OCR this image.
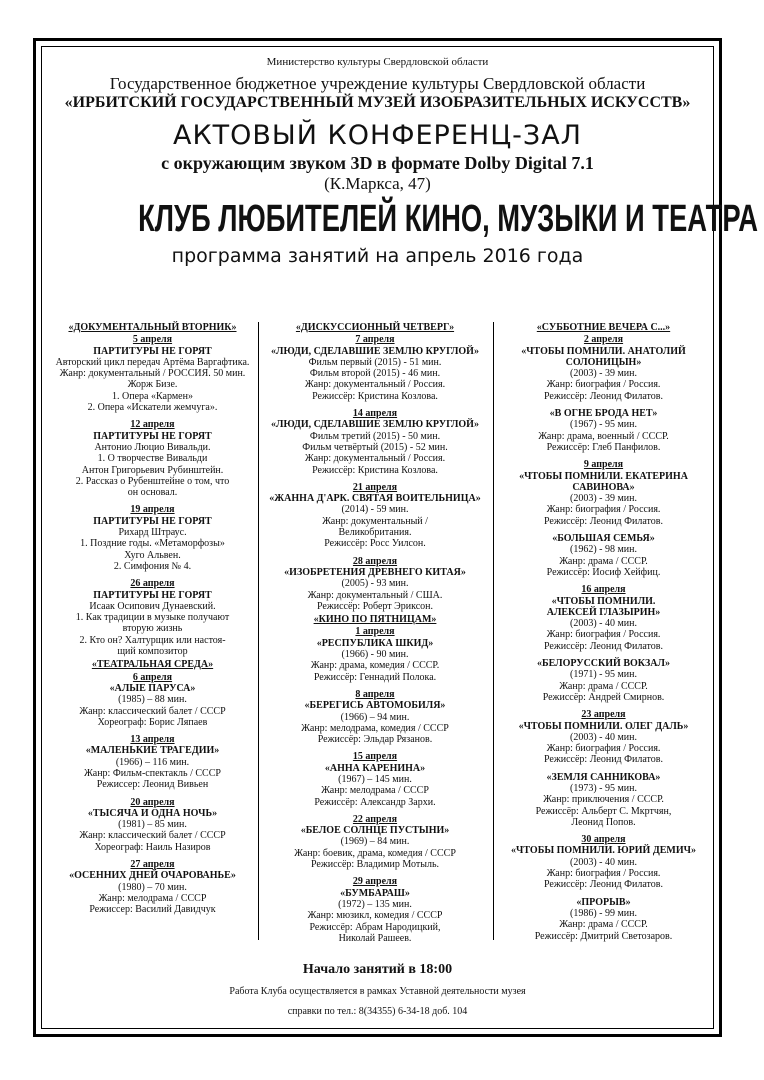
Министерство культуры Свердловской области
Государственное бюджетное учреждение культуры Свердловской области
«ИРБИТСКИЙ ГОСУДАРСТВЕННЫЙ МУЗЕЙ ИЗОБРАЗИТЕЛЬНЫХ ИСКУССТВ»
АКТОВЫЙ КОНФЕРЕНЦ-ЗАЛ
с окружающим звуком 3D в формате Dolby Digital 7.1
(К.Маркса, 47)
КЛУБ ЛЮБИТЕЛЕЙ КИНО, МУЗЫКИ И ТЕАТРА
программа занятий на апрель 2016 года
«ДОКУМЕНТАЛЬНЫЙ ВТОРНИК»
5 апреля
ПАРТИТУРЫ НЕ ГОРЯТ
Авторский цикл передач Артёма Варгафтика.
Жанр: документальный / РОССИЯ. 50 мин.
Жорж Бизе.
1. Опера «Кармен»
2. Опера «Искатели жемчуга».
12 апреля
ПАРТИТУРЫ НЕ ГОРЯТ
Антонио Люцио Вивальди.
1. О творчестве Вивальди
Антон Григорьевич Рубинштейн.
2. Рассказ о Рубенштейне о том, что
он основал.
19 апреля
ПАРТИТУРЫ НЕ ГОРЯТ
Рихард Штраус.
1. Поздние годы. «Метаморфозы»
Хуго Альвен.
2. Симфония № 4.
26 апреля
ПАРТИТУРЫ НЕ ГОРЯТ
Исаак Осипович Дунаевский.
1. Как традиции в музыке получают
вторую жизнь
2. Кто он? Халтурщик или настоя-
щий композитор
«ТЕАТРАЛЬНАЯ СРЕДА»
6 апреля
«АЛЫЕ ПАРУСА»
(1985) – 88 мин.
Жанр: классический балет / СССР
Хореограф: Борис Ляпаев
13 апреля
«МАЛЕНЬКИЕ ТРАГЕДИИ»
(1966) – 116 мин.
Жанр: Фильм-спектакль / СССР
Режиссер: Леонид Вивьен
20 апреля
«ТЫСЯЧА И ОДНА НОЧЬ»
(1981) – 85 мин.
Жанр: классический балет / СССР
Хореограф: Наиль Назиров
27 апреля
«ОСЕННИХ ДНЕЙ ОЧАРОВАНЬЕ»
(1980) – 70 мин.
Жанр: мелодрама / СССР
Режиссер: Василий Давидчук
«ДИСКУССИОННЫЙ ЧЕТВЕРГ»
7 апреля
«ЛЮДИ, СДЕЛАВШИЕ ЗЕМЛЮ КРУГЛОЙ»
Фильм первый (2015) - 51 мин.
Фильм второй (2015) - 46 мин.
Жанр: документальный / Россия.
Режиссёр: Кристина Козлова.
14 апреля
«ЛЮДИ, СДЕЛАВШИЕ ЗЕМЛЮ КРУГЛОЙ»
Фильм третий (2015) - 50 мин.
Фильм четвёртый (2015) - 52 мин.
Жанр: документальный / Россия.
Режиссёр: Кристина Козлова.
21 апреля
«ЖАННА Д'АРК. СВЯТАЯ ВОИТЕЛЬНИЦА»
(2014) - 59 мин.
Жанр: документальный /
Великобритания.
Режиссёр: Росс Уилсон.
28 апреля
«ИЗОБРЕТЕНИЯ ДРЕВНЕГО КИТАЯ»
(2005) - 93 мин.
Жанр: документальный / США.
Режиссёр: Роберт Эриксон.
«КИНО ПО ПЯТНИЦАМ»
1 апреля
«РЕСПУБЛИКА ШКИД»
(1966) - 90 мин.
Жанр: драма, комедия / СССР.
Режиссёр: Геннадий Полока.
8 апреля
«БЕРЕГИСЬ АВТОМОБИЛЯ»
(1966) – 94 мин.
Жанр: мелодрама, комедия / СССР
Режиссёр: Эльдар Рязанов.
15 апреля
«АННА КАРЕНИНА»
(1967) – 145 мин.
Жанр: мелодрама / СССР
Режиссёр: Александр Зархи.
22 апреля
«БЕЛОЕ СОЛНЦЕ ПУСТЫНИ»
(1969) – 84 мин.
Жанр: боевик, драма, комедия / СССР
Режиссёр: Владимир Мотыль.
29 апреля
«БУМБАРАШ»
(1972) – 135 мин.
Жанр: мюзикл, комедия / СССР
Режиссёр: Абрам Народицкий,
Николай Рашеев.
«СУББОТНИЕ ВЕЧЕРА С...»
2 апреля
«ЧТОБЫ ПОМНИЛИ. АНАТОЛИЙ
СОЛОНИЦЫН»
(2003) - 39 мин.
Жанр: биография / Россия.
Режиссёр: Леонид Филатов.
«В ОГНЕ БРОДА НЕТ»
(1967) - 95 мин.
Жанр: драма, военный / СССР.
Режиссёр: Глеб Панфилов.
9 апреля
«ЧТОБЫ ПОМНИЛИ. ЕКАТЕРИНА
САВИНОВА»
(2003) - 39 мин.
Жанр: биография / Россия.
Режиссёр: Леонид Филатов.
«БОЛЬШАЯ СЕМЬЯ»
(1962) - 98 мин.
Жанр: драма / СССР.
Режиссёр: Иосиф Хейфиц.
16 апреля
«ЧТОБЫ ПОМНИЛИ.
АЛЕКСЕЙ ГЛАЗЫРИН»
(2003) - 40 мин.
Жанр: биография / Россия.
Режиссёр: Леонид Филатов.
«БЕЛОРУССКИЙ ВОКЗАЛ»
(1971) - 95 мин.
Жанр: драма / СССР.
Режиссёр: Андрей Смирнов.
23 апреля
«ЧТОБЫ ПОМНИЛИ. ОЛЕГ ДАЛЬ»
(2003) - 40 мин.
Жанр: биография / Россия.
Режиссёр: Леонид Филатов.
«ЗЕМЛЯ САННИКОВА»
(1973) - 95 мин.
Жанр: приключения / СССР.
Режиссёр: Альберт С. Мкртчян,
Леонид Попов.
30 апреля
«ЧТОБЫ ПОМНИЛИ. ЮРИЙ ДЕМИЧ»
(2003) - 40 мин.
Жанр: биография / Россия.
Режиссёр: Леонид Филатов.
«ПРОРЫВ»
(1986) - 99 мин.
Жанр: драма / СССР.
Режиссёр: Дмитрий Светозаров.
Начало занятий в 18:00
Работа Клуба осуществляется в рамках Уставной деятельности музея
справки по тел.: 8(34355) 6-34-18 доб. 104
